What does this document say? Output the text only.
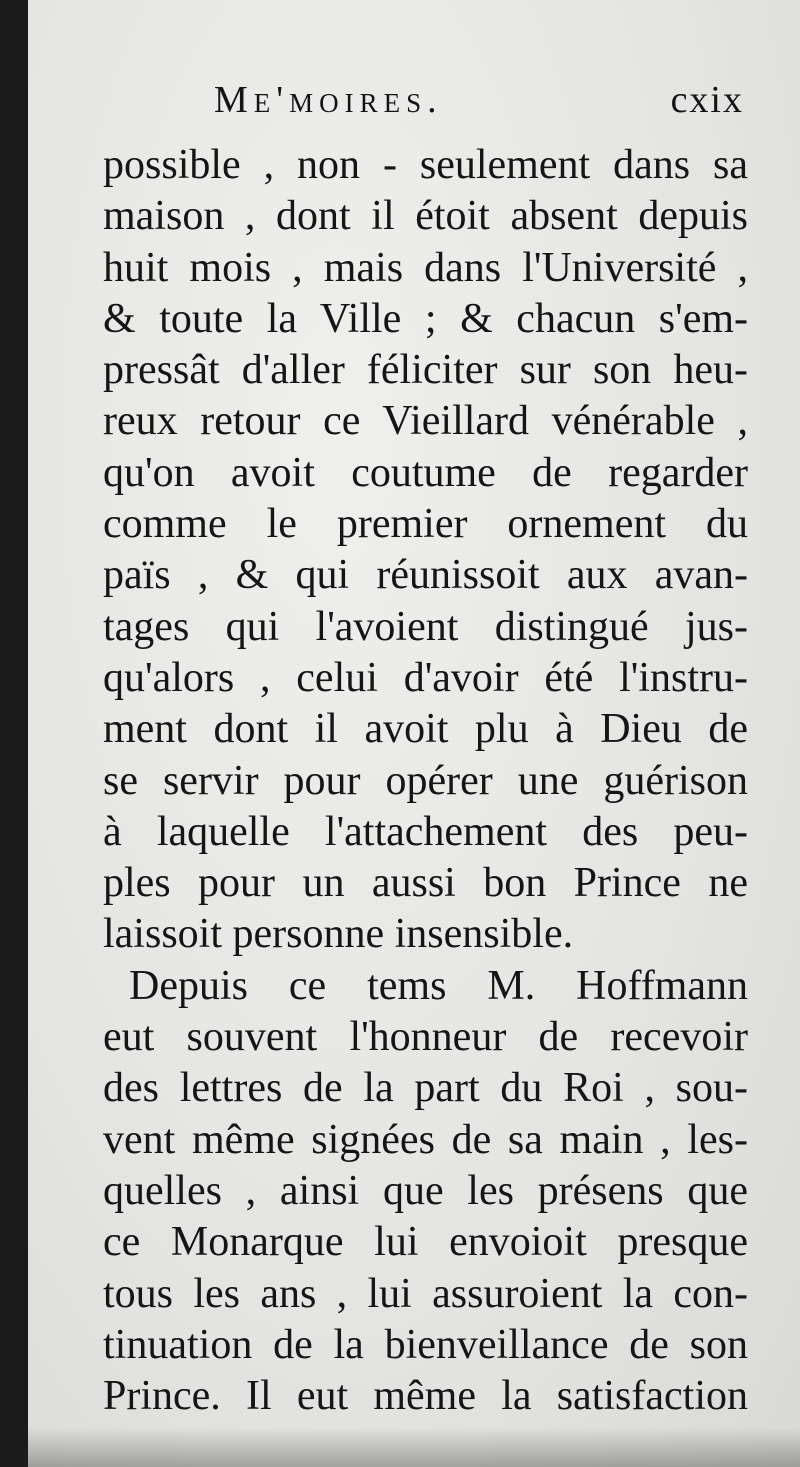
Me'moires.	cxix
possible , non - seulement dans sa
maison , dont il étoit absent depuis
huit mois , mais dans l'Université ,
& toute la Ville ; & chacun s'em-
pressât d'aller féliciter sur son heu-
reux retour ce Vieillard vénérable ,
qu'on avoit coutume de regarder
comme le premier ornement du
païs , & qui réunissoit aux avan-
tages qui l'avoient distingué jus-
qu'alors , celui d'avoir été l'instru-
ment dont il avoit plu à Dieu de
se servir pour opérer une guérison
à laquelle l'attachement des peu-
ples pour un aussi bon Prince ne
laissoit personne insensible.
Depuis ce tems M. Hoffmann
eut souvent l'honneur de recevoir
des lettres de la part du Roi , sou-
vent même signées de sa main , les-
quelles , ainsi que les présens que
ce Monarque lui envoioit presque
tous les ans , lui assuroient la con-
tinuation de la bienveillance de son
Prince. Il eut même la satisfaction
